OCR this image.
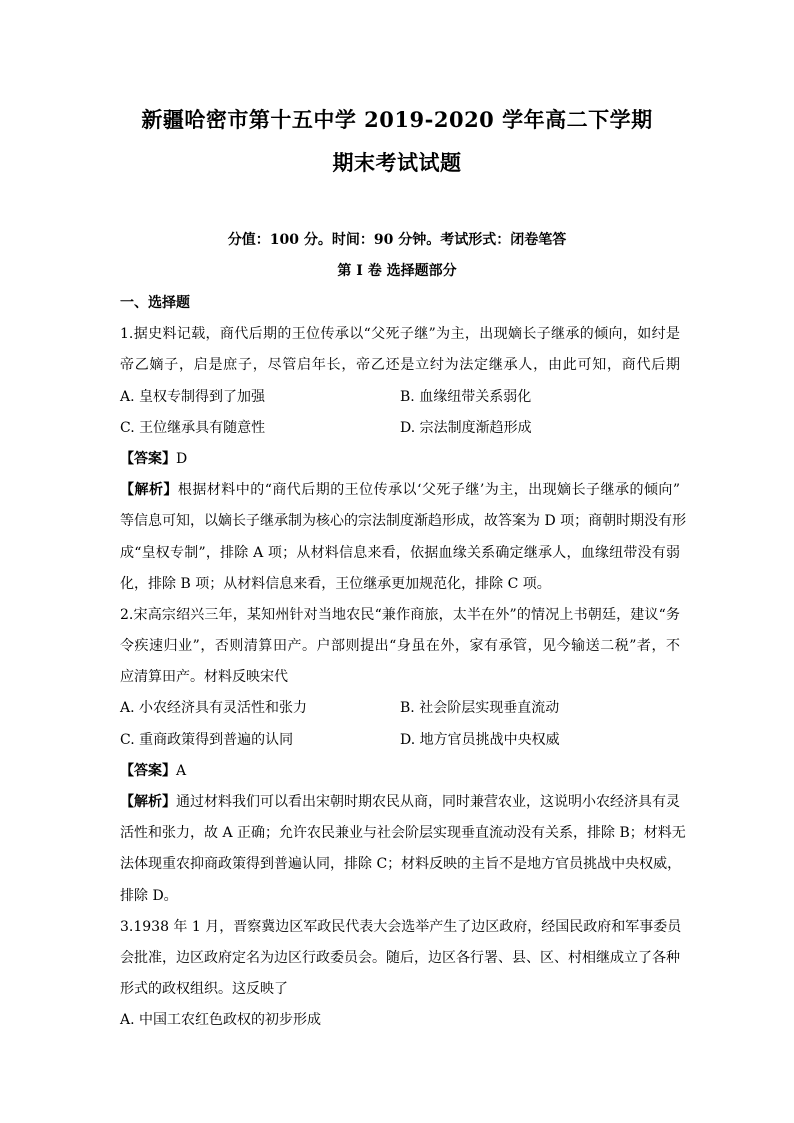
新疆哈密市第十五中学 2019-2020 学年高二下学期
期末考试试题
分值：100 分。时间：90 分钟。考试形式：闭卷笔答
第 I 卷 选择题部分
一、选择题
1.据史料记载，商代后期的王位传承以“父死子继”为主，出现嫡长子继承的倾向，如纣是
帝乙嫡子，启是庶子，尽管启年长，帝乙还是立纣为法定继承人，由此可知，商代后期
A. 皇权专制得到了加强	B. 血缘纽带关系弱化
C. 王位继承具有随意性	D. 宗法制度渐趋形成
【答案】D
【解析】根据材料中的“商代后期的王位传承以‘父死子继’为主，出现嫡长子继承的倾向”
等信息可知，以嫡长子继承制为核心的宗法制度渐趋形成，故答案为 D 项；商朝时期没有形
成“皇权专制”，排除 A 项；从材料信息来看，依据血缘关系确定继承人，血缘纽带没有弱
化，排除 B 项；从材料信息来看，王位继承更加规范化，排除 C 项。
2.宋高宗绍兴三年，某知州针对当地农民“兼作商旅，太半在外”的情况上书朝廷，建议“务
令疾速归业”，否则清算田产。户部则提出“身虽在外，家有承管，见今输送二税”者，不
应清算田产。材料反映宋代
A. 小农经济具有灵活性和张力	B. 社会阶层实现垂直流动
C. 重商政策得到普遍的认同	D. 地方官员挑战中央权威
【答案】A
【解析】通过材料我们可以看出宋朝时期农民从商，同时兼营农业，这说明小农经济具有灵
活性和张力，故 A 正确；允许农民兼业与社会阶层实现垂直流动没有关系，排除 B；材料无
法体现重农抑商政策得到普遍认同，排除 C；材料反映的主旨不是地方官员挑战中央权威，
排除 D。
3.1938 年 1 月，晋察冀边区军政民代表大会选举产生了边区政府，经国民政府和军事委员
会批准，边区政府定名为边区行政委员会。随后，边区各行署、县、区、村相继成立了各种
形式的政权组织。这反映了
A. 中国工农红色政权的初步形成
